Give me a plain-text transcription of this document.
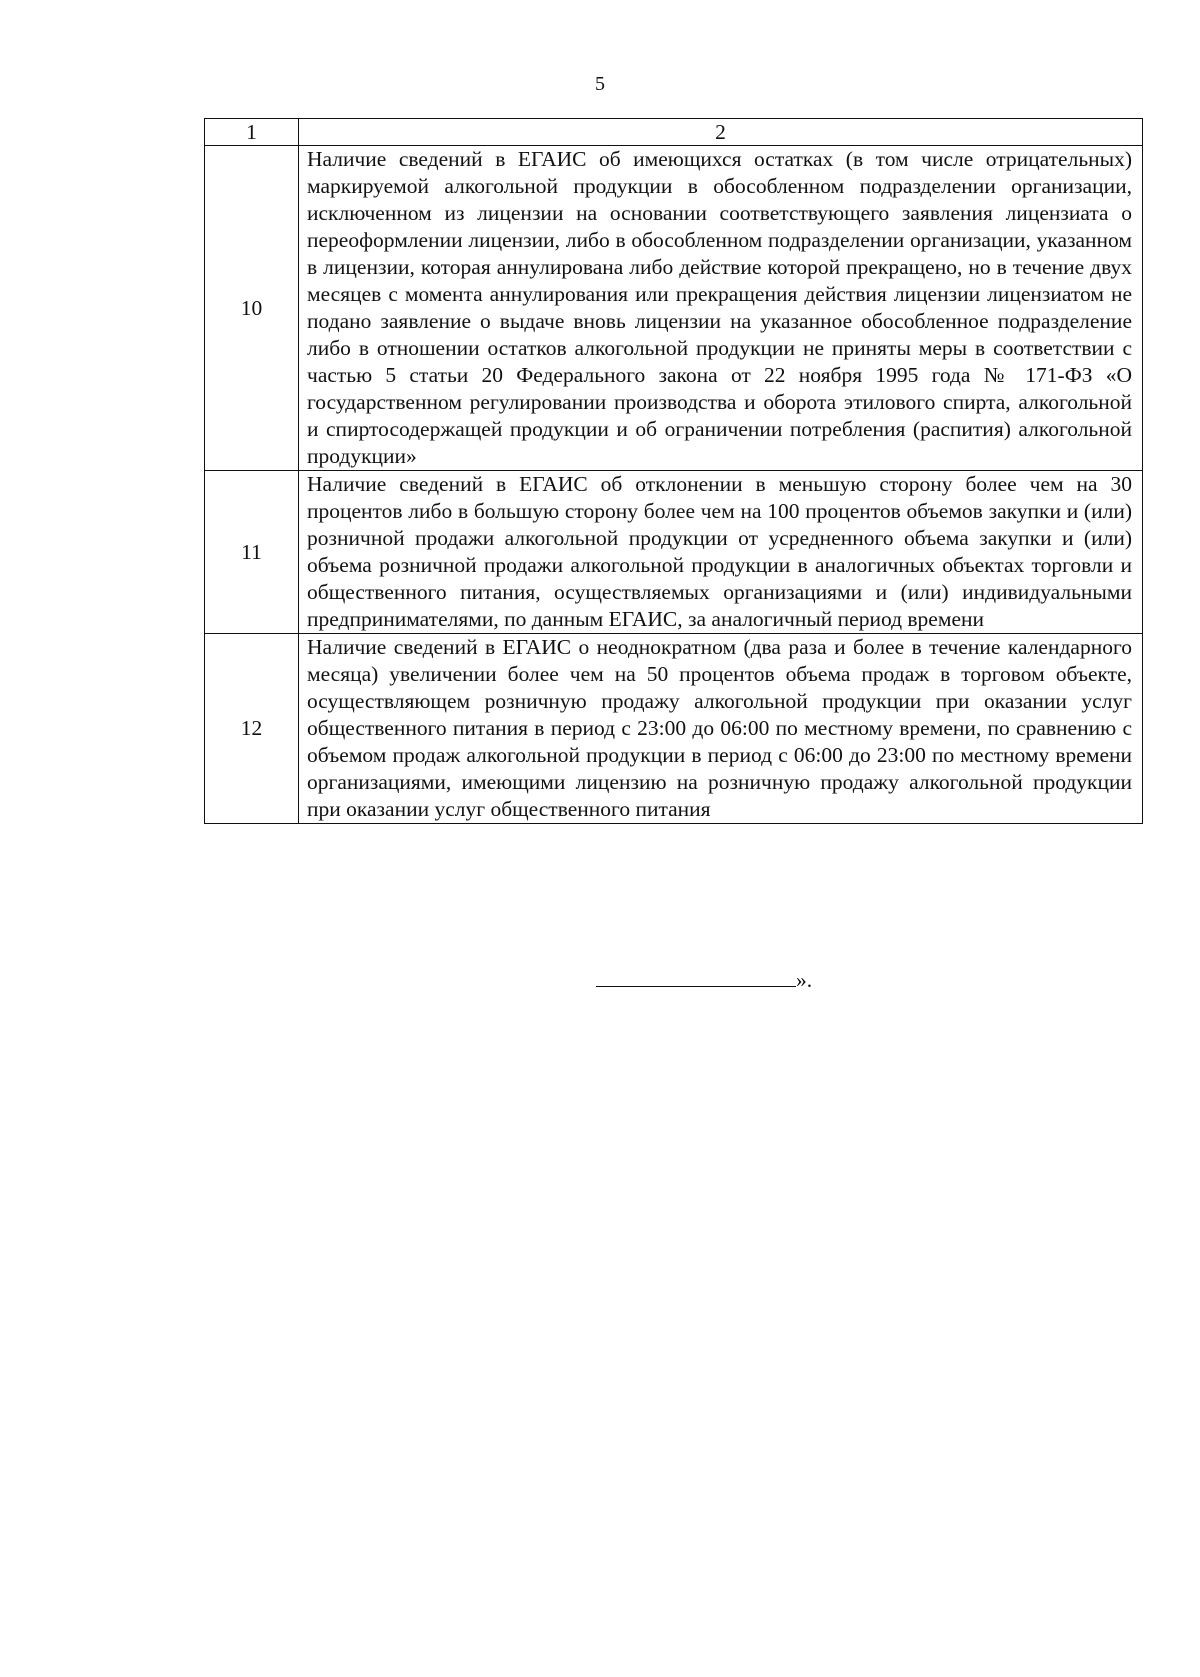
5
1	2
10	Наличие сведений в ЕГАИС об имеющихся остатках (в том числе отрицательных) маркируемой алкогольной продукции в обособленном подразделении организации, исключенном из лицензии на основании соответствующего заявления лицензиата о переоформлении лицензии, либо в обособленном подразделении организации, указанном в лицензии, которая аннулирована либо действие которой прекращено, но в течение двух месяцев с момента аннулирования или прекращения действия лицензии лицензиатом не подано заявление о выдаче вновь лицензии на указанное обособленное подразделение либо в отношении остатков алкогольной продукции не приняты меры в соответствии с частью 5 статьи 20 Федерального закона от 22 ноября 1995 года № 171-ФЗ «О государственном регулировании производства и оборота этилового спирта, алкогольной и спиртосодержащей продукции и об ограничении потребления (распития) алкогольной продукции»
11	Наличие сведений в ЕГАИС об отклонении в меньшую сторону более чем на 30 процентов либо в большую сторону более чем на 100 процентов объемов закупки и (или) розничной продажи алкогольной продукции от усредненного объема закупки и (или) объема розничной продажи алкогольной продукции в аналогичных объектах торговли и общественного питания, осуществляемых организациями и (или) индивидуальными предпринимателями, по данным ЕГАИС, за аналогичный период времени
12	Наличие сведений в ЕГАИС о неоднократном (два раза и более в течение календарного месяца) увеличении более чем на 50 процентов объема продаж в торговом объекте, осуществляющем розничную продажу алкогольной продукции при оказании услуг общественного питания в период с 23:00 до 06:00 по местному времени, по сравнению с объемом продаж алкогольной продукции в период с 06:00 до 23:00 по местному времени организациями, имеющими лицензию на розничную продажу алкогольной продукции при оказании услуг общественного питания
».
